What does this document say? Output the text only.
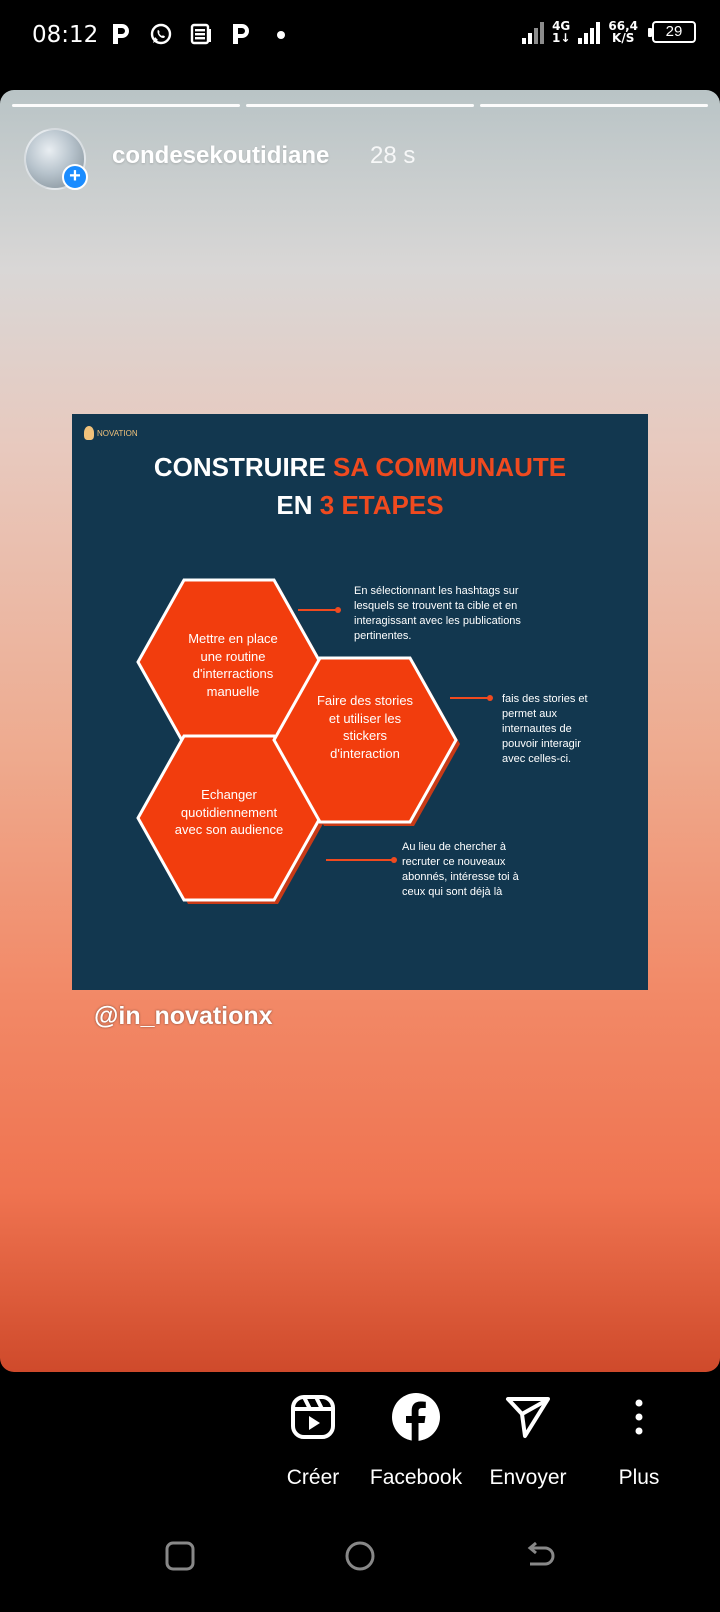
08:12	4G
1↓
66,4
K/S	29
+
condesekoutidiane 28 s
NOVATION
CONSTRUIRE SA COMMUNAUTE
EN 3 ETAPES
Mettre en place une routine d'interractions manuelle
Faire des stories et utiliser les stickers d'interaction
Echanger quotidiennement avec son audience
En sélectionnant les hashtags sur lesquels se trouvent ta cible et en interagissant avec les publications pertinentes.
fais des stories et permet aux internautes de pouvoir interagir avec celles-ci.
Au lieu de chercher à recruter ce nouveaux abonnés, intéresse toi à ceux qui sont déjà là
@in_novationx
Créer	Facebook	Envoyer	Plus
